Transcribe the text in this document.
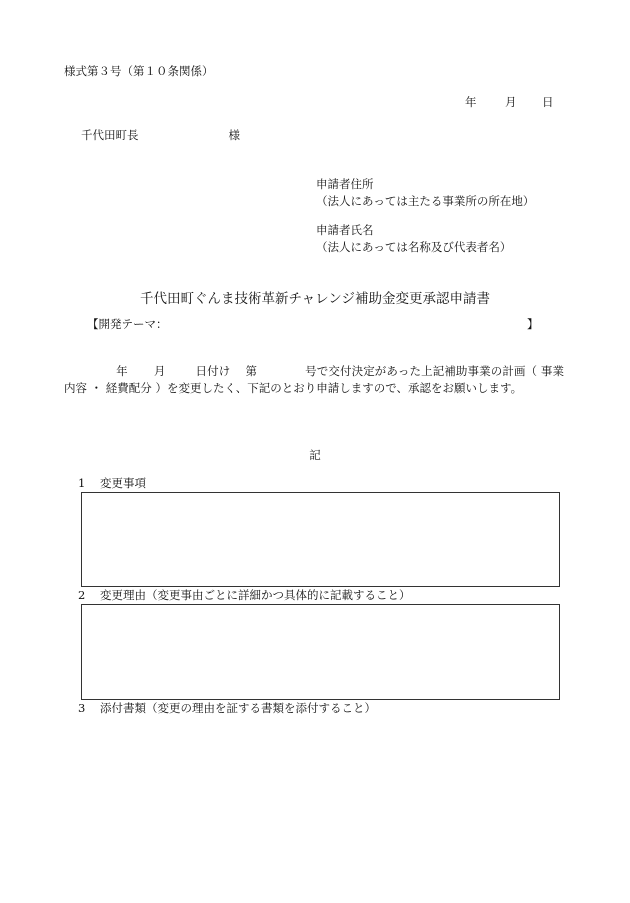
様式第３号（第１０条関係）
年 月 日
千代田町長	様
申請者住所
（法人にあっては主たる事業所の所在地）
申請者氏名
（法人にあっては名称及び代表者名）
千代田町ぐんま技術革新チャレンジ補助金変更承認申請書
【開発テーマ：	】
年 月	日付け 第	号で交付決定があった上記補助事業の計画（ 事業内容 ・ 経費配分 ）を変更したく、下記のとおり申請しますので、承認をお願いします。
記
1 変更事項
2 変更理由（変更事由ごとに詳細かつ具体的に記載すること）
3 添付書類（変更の理由を証する書類を添付すること）
